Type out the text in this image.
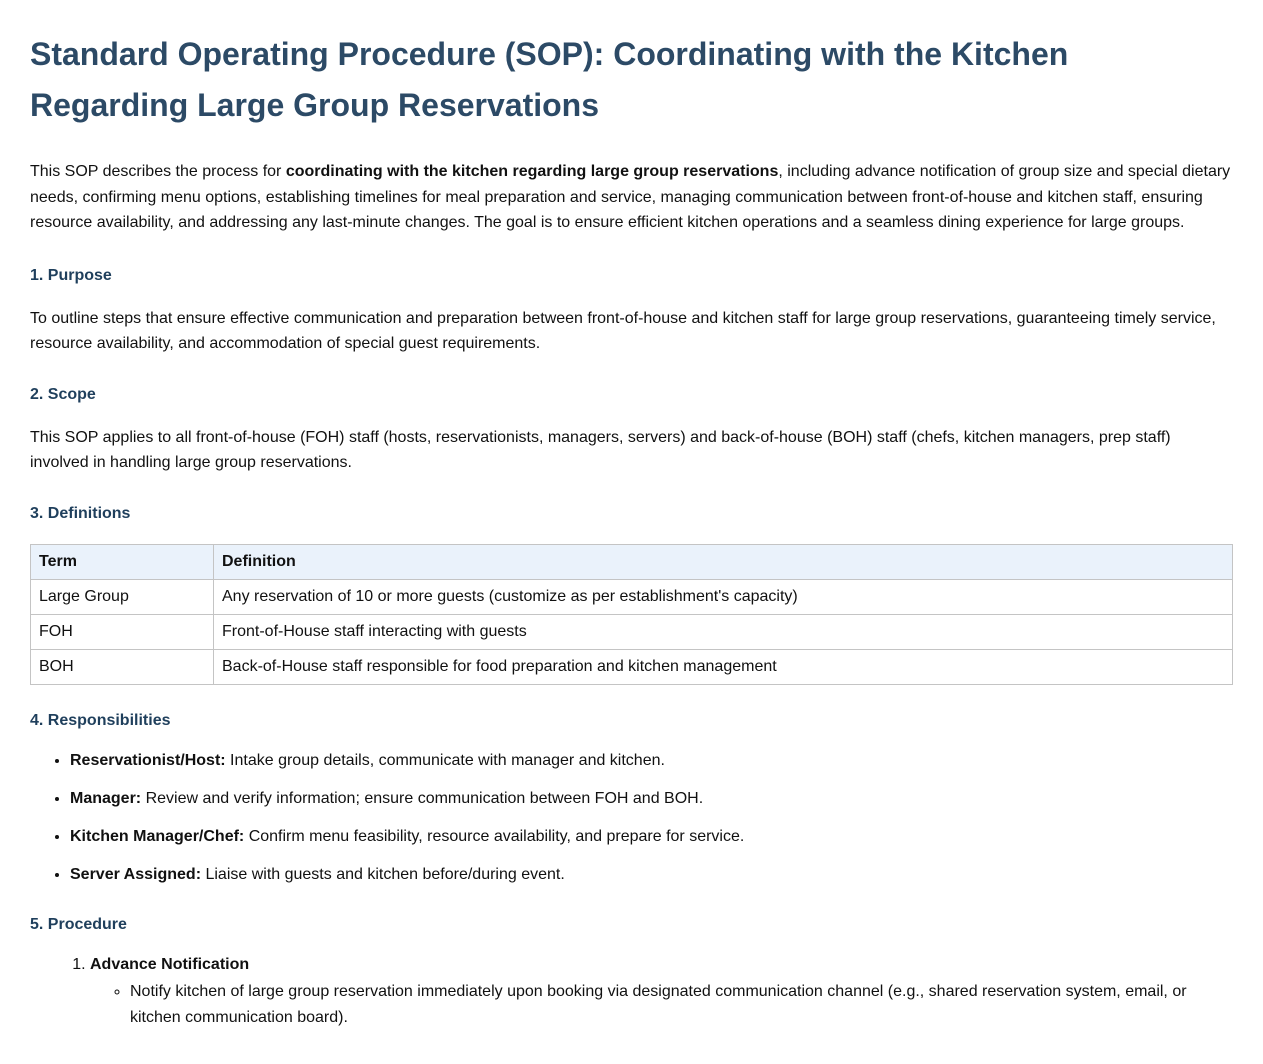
Standard Operating Procedure (SOP): Coordinating with the Kitchen Regarding Large Group Reservations

This SOP describes the process for coordinating with the kitchen regarding large group reservations, including advance notification of group size and special dietary needs, confirming menu options, establishing timelines for meal preparation and service, managing communication between front-of-house and kitchen staff, ensuring resource availability, and addressing any last-minute changes. The goal is to ensure efficient kitchen operations and a seamless dining experience for large groups.

1. Purpose

To outline steps that ensure effective communication and preparation between front-of-house and kitchen staff for large group reservations, guaranteeing timely service, resource availability, and accommodation of special guest requirements.

2. Scope

This SOP applies to all front-of-house (FOH) staff (hosts, reservationists, managers, servers) and back-of-house (BOH) staff (chefs, kitchen managers, prep staff) involved in handling large group reservations.

3. Definitions
Term	Definition
Large Group	Any reservation of 10 or more guests (customize as per establishment's capacity)
FOH	Front-of-House staff interacting with guests
BOH	Back-of-House staff responsible for food preparation and kitchen management
4. Responsibilities
• Reservationist/Host: Intake group details, communicate with manager and kitchen.
• Manager: Review and verify information; ensure communication between FOH and BOH.
• Kitchen Manager/Chef: Confirm menu feasibility, resource availability, and prepare for service.
• Server Assigned: Liaise with guests and kitchen before/during event.
5. Procedure
1. Advance Notification
◦ Notify kitchen of large group reservation immediately upon booking via designated communication channel (e.g., shared reservation system, email, or kitchen communication board).
